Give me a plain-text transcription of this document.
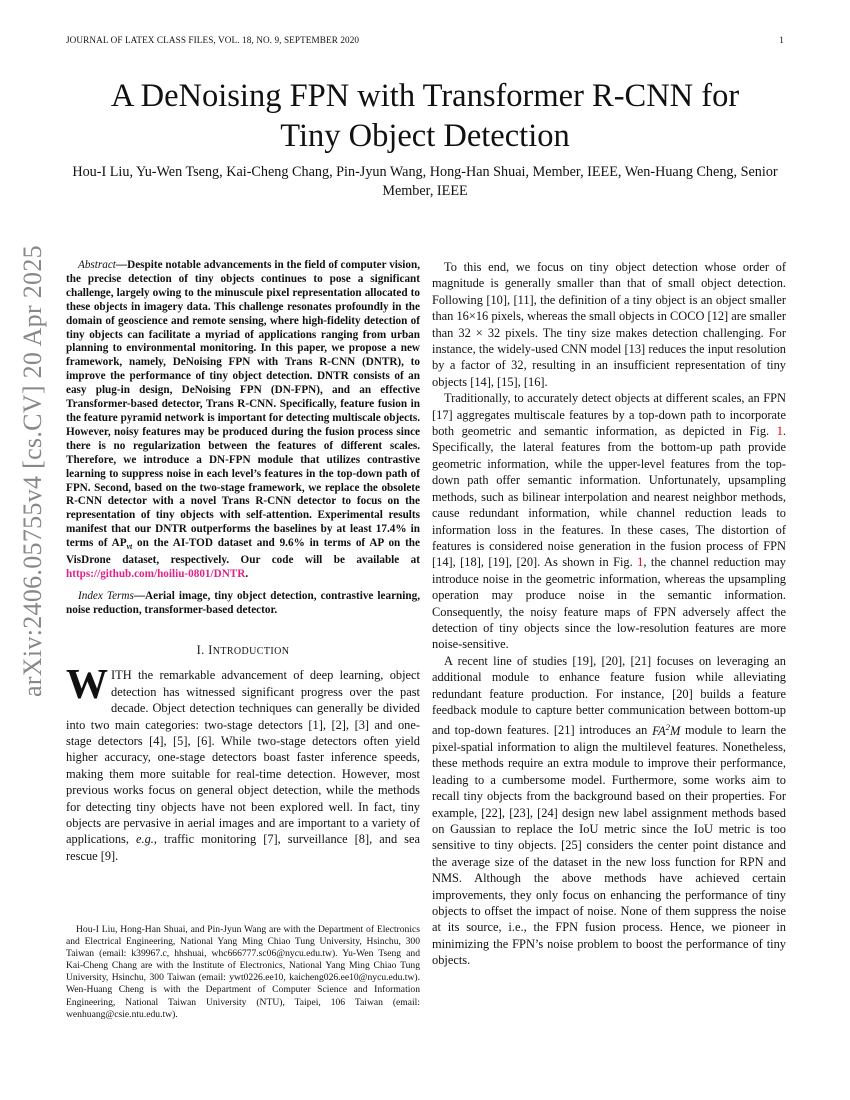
JOURNAL OF LATEX CLASS FILES, VOL. 18, NO. 9, SEPTEMBER 2020	1
arXiv:2406.05755v4 [cs.CV] 20 Apr 2025
A DeNoising FPN with Transformer R-CNN for
Tiny Object Detection
Hou-I Liu, Yu-Wen Tseng, Kai-Cheng Chang, Pin-Jyun Wang, Hong-Han Shuai, Member, IEEE, Wen-Huang Cheng, Senior Member, IEEE

Abstract—Despite notable advancements in the field of computer vision, the precise detection of tiny objects continues to pose a significant challenge, largely owing to the minuscule pixel representation allocated to these objects in imagery data. This challenge resonates profoundly in the domain of geoscience and remote sensing, where high-fidelity detection of tiny objects can facilitate a myriad of applications ranging from urban planning to environmental monitoring. In this paper, we propose a new framework, namely, DeNoising FPN with Trans R-CNN (DNTR), to improve the performance of tiny object detection. DNTR consists of an easy plug-in design, DeNoising FPN (DN-FPN), and an effective Transformer-based detector, Trans R-CNN. Specifically, feature fusion in the feature pyramid network is important for detecting multiscale objects. However, noisy features may be produced during the fusion process since there is no regularization between the features of different scales. Therefore, we introduce a DN-FPN module that utilizes contrastive learning to suppress noise in each level’s features in the top-down path of FPN. Second, based on the two-stage framework, we replace the obsolete R-CNN detector with a novel Trans R-CNN detector to focus on the representation of tiny objects with self-attention. Experimental results manifest that our DNTR outperforms the baselines by at least 17.4% in terms of $AP_{vt}$ on the AI-TOD dataset and 9.6% in terms of AP on the VisDrone dataset, respectively. Our code will be available at https://github.com/hoiliu-0801/DNTR.

Index Terms—Aerial image, tiny object detection, contrastive learning, noise reduction, transformer-based detector.

I. INTRODUCTION

WITH the remarkable advancement of deep learning, object detection has witnessed significant progress over the past decade. Object detection techniques can generally be divided into two main categories: two-stage detectors [1], [2], [3] and one-stage detectors [4], [5], [6]. While two-stage detectors often yield higher accuracy, one-stage detectors boast faster inference speeds, making them more suitable for real-time detection. However, most previous works focus on general object detection, while the methods for detecting tiny objects have not been explored well. In fact, tiny objects are pervasive in aerial images and are important to a variety of applications, e.g., traffic monitoring [7], surveillance [8], and sea rescue [9].

Hou-I Liu, Hong-Han Shuai, and Pin-Jyun Wang are with the Department of Electronics and Electrical Engineering, National Yang Ming Chiao Tung University, Hsinchu, 300 Taiwan (email: k39967.c, hhshuai, whc666777.sc06@nycu.edu.tw). Yu-Wen Tseng and Kai-Cheng Chang are with the Institute of Electronics, National Yang Ming Chiao Tung University, Hsinchu, 300 Taiwan (email: ywt0226.ee10, kaicheng026.ee10@nycu.edu.tw). Wen-Huang Cheng is with the Department of Computer Science and Information Engineering, National Taiwan University (NTU), Taipei, 106 Taiwan (email: wenhuang@csie.ntu.edu.tw).

To this end, we focus on tiny object detection whose order of magnitude is generally smaller than that of small object detection. Following [10], [11], the definition of a tiny object is an object smaller than 16×16 pixels, whereas the small objects in COCO [12] are smaller than 32 × 32 pixels. The tiny size makes detection challenging. For instance, the widely-used CNN model [13] reduces the input resolution by a factor of 32, resulting in an insufficient representation of tiny objects [14], [15], [16].

Traditionally, to accurately detect objects at different scales, an FPN [17] aggregates multiscale features by a top-down path to incorporate both geometric and semantic information, as depicted in Fig. 1. Specifically, the lateral features from the bottom-up path provide geometric information, while the upper-level features from the top-down path offer semantic information. Unfortunately, upsampling methods, such as bilinear interpolation and nearest neighbor methods, cause redundant information, while channel reduction leads to information loss in the features. In these cases, The distortion of features is considered noise generation in the fusion process of FPN [14], [18], [19], [20]. As shown in Fig. 1, the channel reduction may introduce noise in the geometric information, whereas the upsampling operation may produce noise in the semantic information. Consequently, the noisy feature maps of FPN adversely affect the detection of tiny objects since the low-resolution features are more noise-sensitive.

A recent line of studies [19], [20], [21] focuses on leveraging an additional module to enhance feature fusion while alleviating redundant feature production. For instance, [20] builds a feature feedback module to capture better communication between bottom-up and top-down features. [21] introduces an $FA^2M$ module to learn the pixel-spatial information to align the multilevel features. Nonetheless, these methods require an extra module to improve their performance, leading to a cumbersome model. Furthermore, some works aim to recall tiny objects from the background based on their properties. For example, [22], [23], [24] design new label assignment methods based on Gaussian to replace the IoU metric since the IoU metric is too sensitive to tiny objects. [25] considers the center point distance and the average size of the dataset in the new loss function for RPN and NMS. Although the above methods have achieved certain improvements, they only focus on enhancing the performance of tiny objects to offset the impact of noise. None of them suppress the noise at its source, i.e., the FPN fusion process. Hence, we pioneer in minimizing the FPN’s noise problem to boost the performance of tiny objects.
